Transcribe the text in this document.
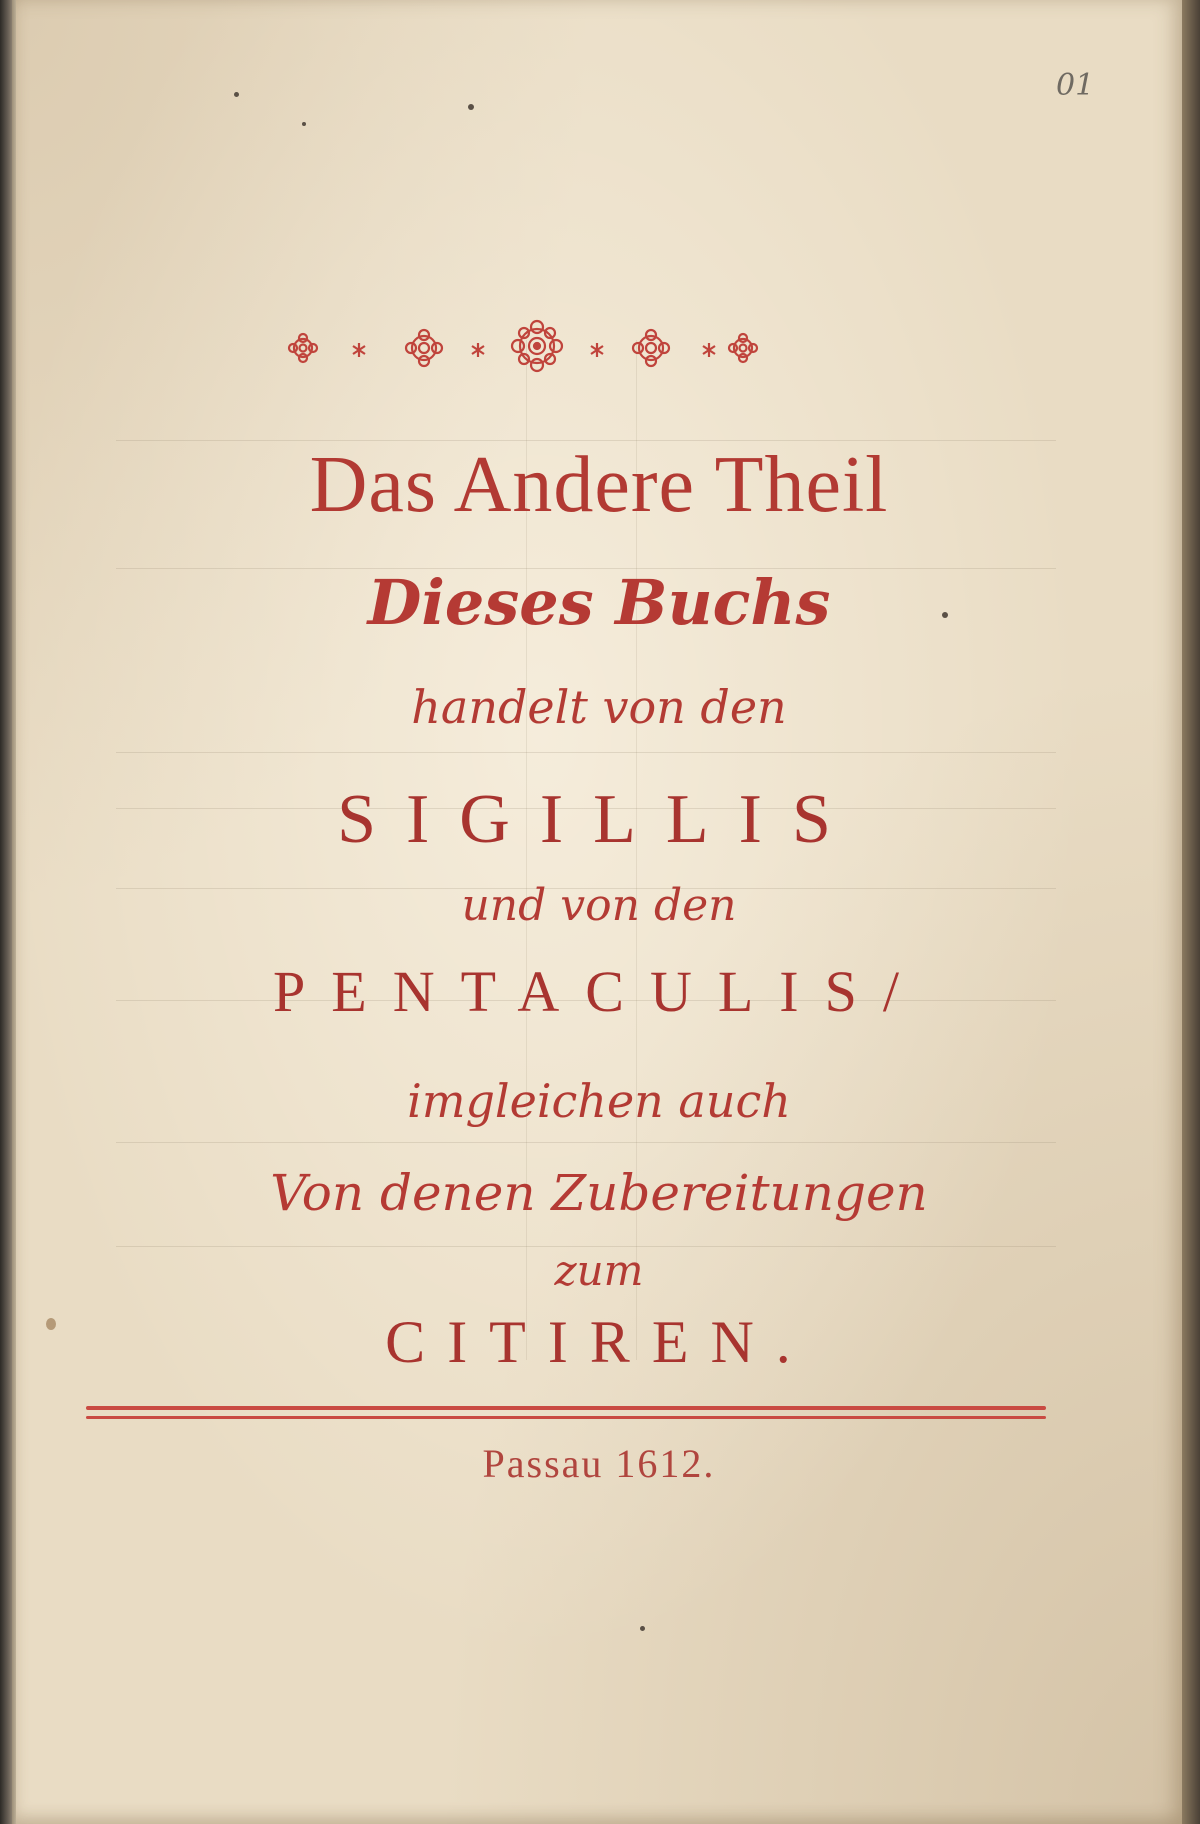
01
Das Andere Theil
Dieses Buchs
handelt von den
SIGILLIS
und von den
PENTACULIS/
imgleichen auch
Von denen Zubereitungen
zum
CITIREN.
Passau 1612.
